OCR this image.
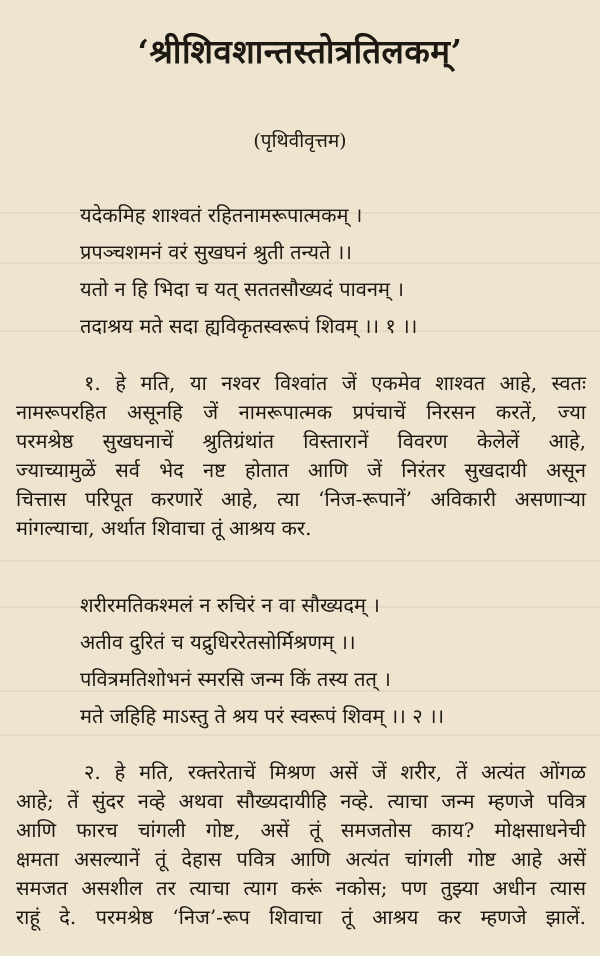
‘श्रीशिवशान्तस्तोत्रतिलकम्’
(पृथिवीवृत्तम)
यदेकमिह शाश्वतं रहितनामरूपात्मकम् ।
प्रपञ्चशमनं वरं सुखघनं श्रुती तन्यते ।।
यतो न हि भिदा च यत् सततसौख्यदं पावनम् ।
तदाश्रय मते सदा ह्यविकृतस्वरूपं शिवम् ।। १ ।।
१. हे मति, या नश्वर विश्वांत जें एकमेव शाश्वत आहे, स्वतः
नामरूपरहित असूनहि जें नामरूपात्मक प्रपंचाचें निरसन करतें, ज्या
परमश्रेष्ठ सुखघनाचें श्रुतिग्रंथांत विस्तारानें विवरण केलेलें आहे,
ज्याच्यामुळें सर्व भेद नष्ट होतात आणि जें निरंतर सुखदायी असून
चित्तास परिपूत करणारें आहे, त्या ‘निज-रूपानें’ अविकारी असणाऱ्या
मांगल्याचा, अर्थात शिवाचा तूं आश्रय कर.
शरीरमतिकश्मलं न रुचिरं न वा सौख्यदम् ।
अतीव दुरितं च यद्रुधिररेतसोर्मिश्रणम् ।।
पवित्रमतिशोभनं स्मरसि जन्म किं तस्य तत् ।
मते जहिहि माऽस्तु ते श्रय परं स्वरूपं शिवम् ।। २ ।।
२. हे मति, रक्तरेताचें मिश्रण असें जें शरीर, तें अत्यंत ओंगळ
आहे; तें सुंदर नव्हे अथवा सौख्यदायीहि नव्हे. त्याचा जन्म म्हणजे पवित्र
आणि फारच चांगली गोष्ट, असें तूं समजतोस काय? मोक्षसाधनेची
क्षमता असल्यानें तूं देहास पवित्र आणि अत्यंत चांगली गोष्ट आहे असें
समजत असशील तर त्याचा त्याग करूं नकोस; पण तुझ्या अधीन त्यास
राहूं दे. परमश्रेष्ठ ‘निज’-रूप शिवाचा तूं आश्रय कर म्हणजे झालें.
